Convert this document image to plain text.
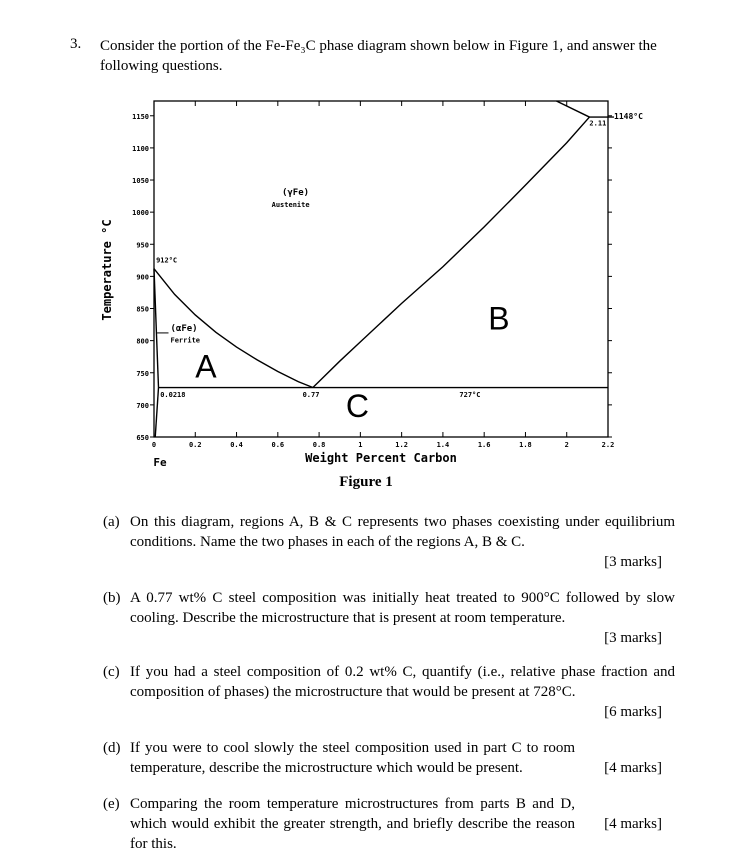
3. Consider the portion of the Fe-Fe₃C phase diagram shown below in Figure 1, and answer the following questions.
Temperature °C
Weight Percent Carbon
Fe
1148°C
0	0.2	0.4	0.6	0.8	1	1.2	1.4	1.6	1.8	2	2.2
650
700
750
800
850
900
950
1000
1050
1100
1150
912°C
0.0218	0.77	727°C
2.11
(γFe)
Austenite
(αFe)
Ferrite
A
B
C
Figure 1
(a) On this diagram, regions A, B & C represents two phases coexisting under equilibrium conditions. Name the two phases in each of the regions A, B & C.
[3 marks]
(b) A 0.77 wt% C steel composition was initially heat treated to 900°C followed by slow cooling. Describe the microstructure that is present at room temperature.
[3 marks]
(c) If you had a steel composition of 0.2 wt% C, quantify (i.e., relative phase fraction and composition of phases) the microstructure that would be present at 728°C.
[6 marks]
(d) If you were to cool slowly the steel composition used in part C to room temperature, describe the microstructure which would be present.	[4 marks]
(e) Comparing the room temperature microstructures from parts B and D, which would exhibit the greater strength, and briefly describe the reason for this.
[4 marks]
